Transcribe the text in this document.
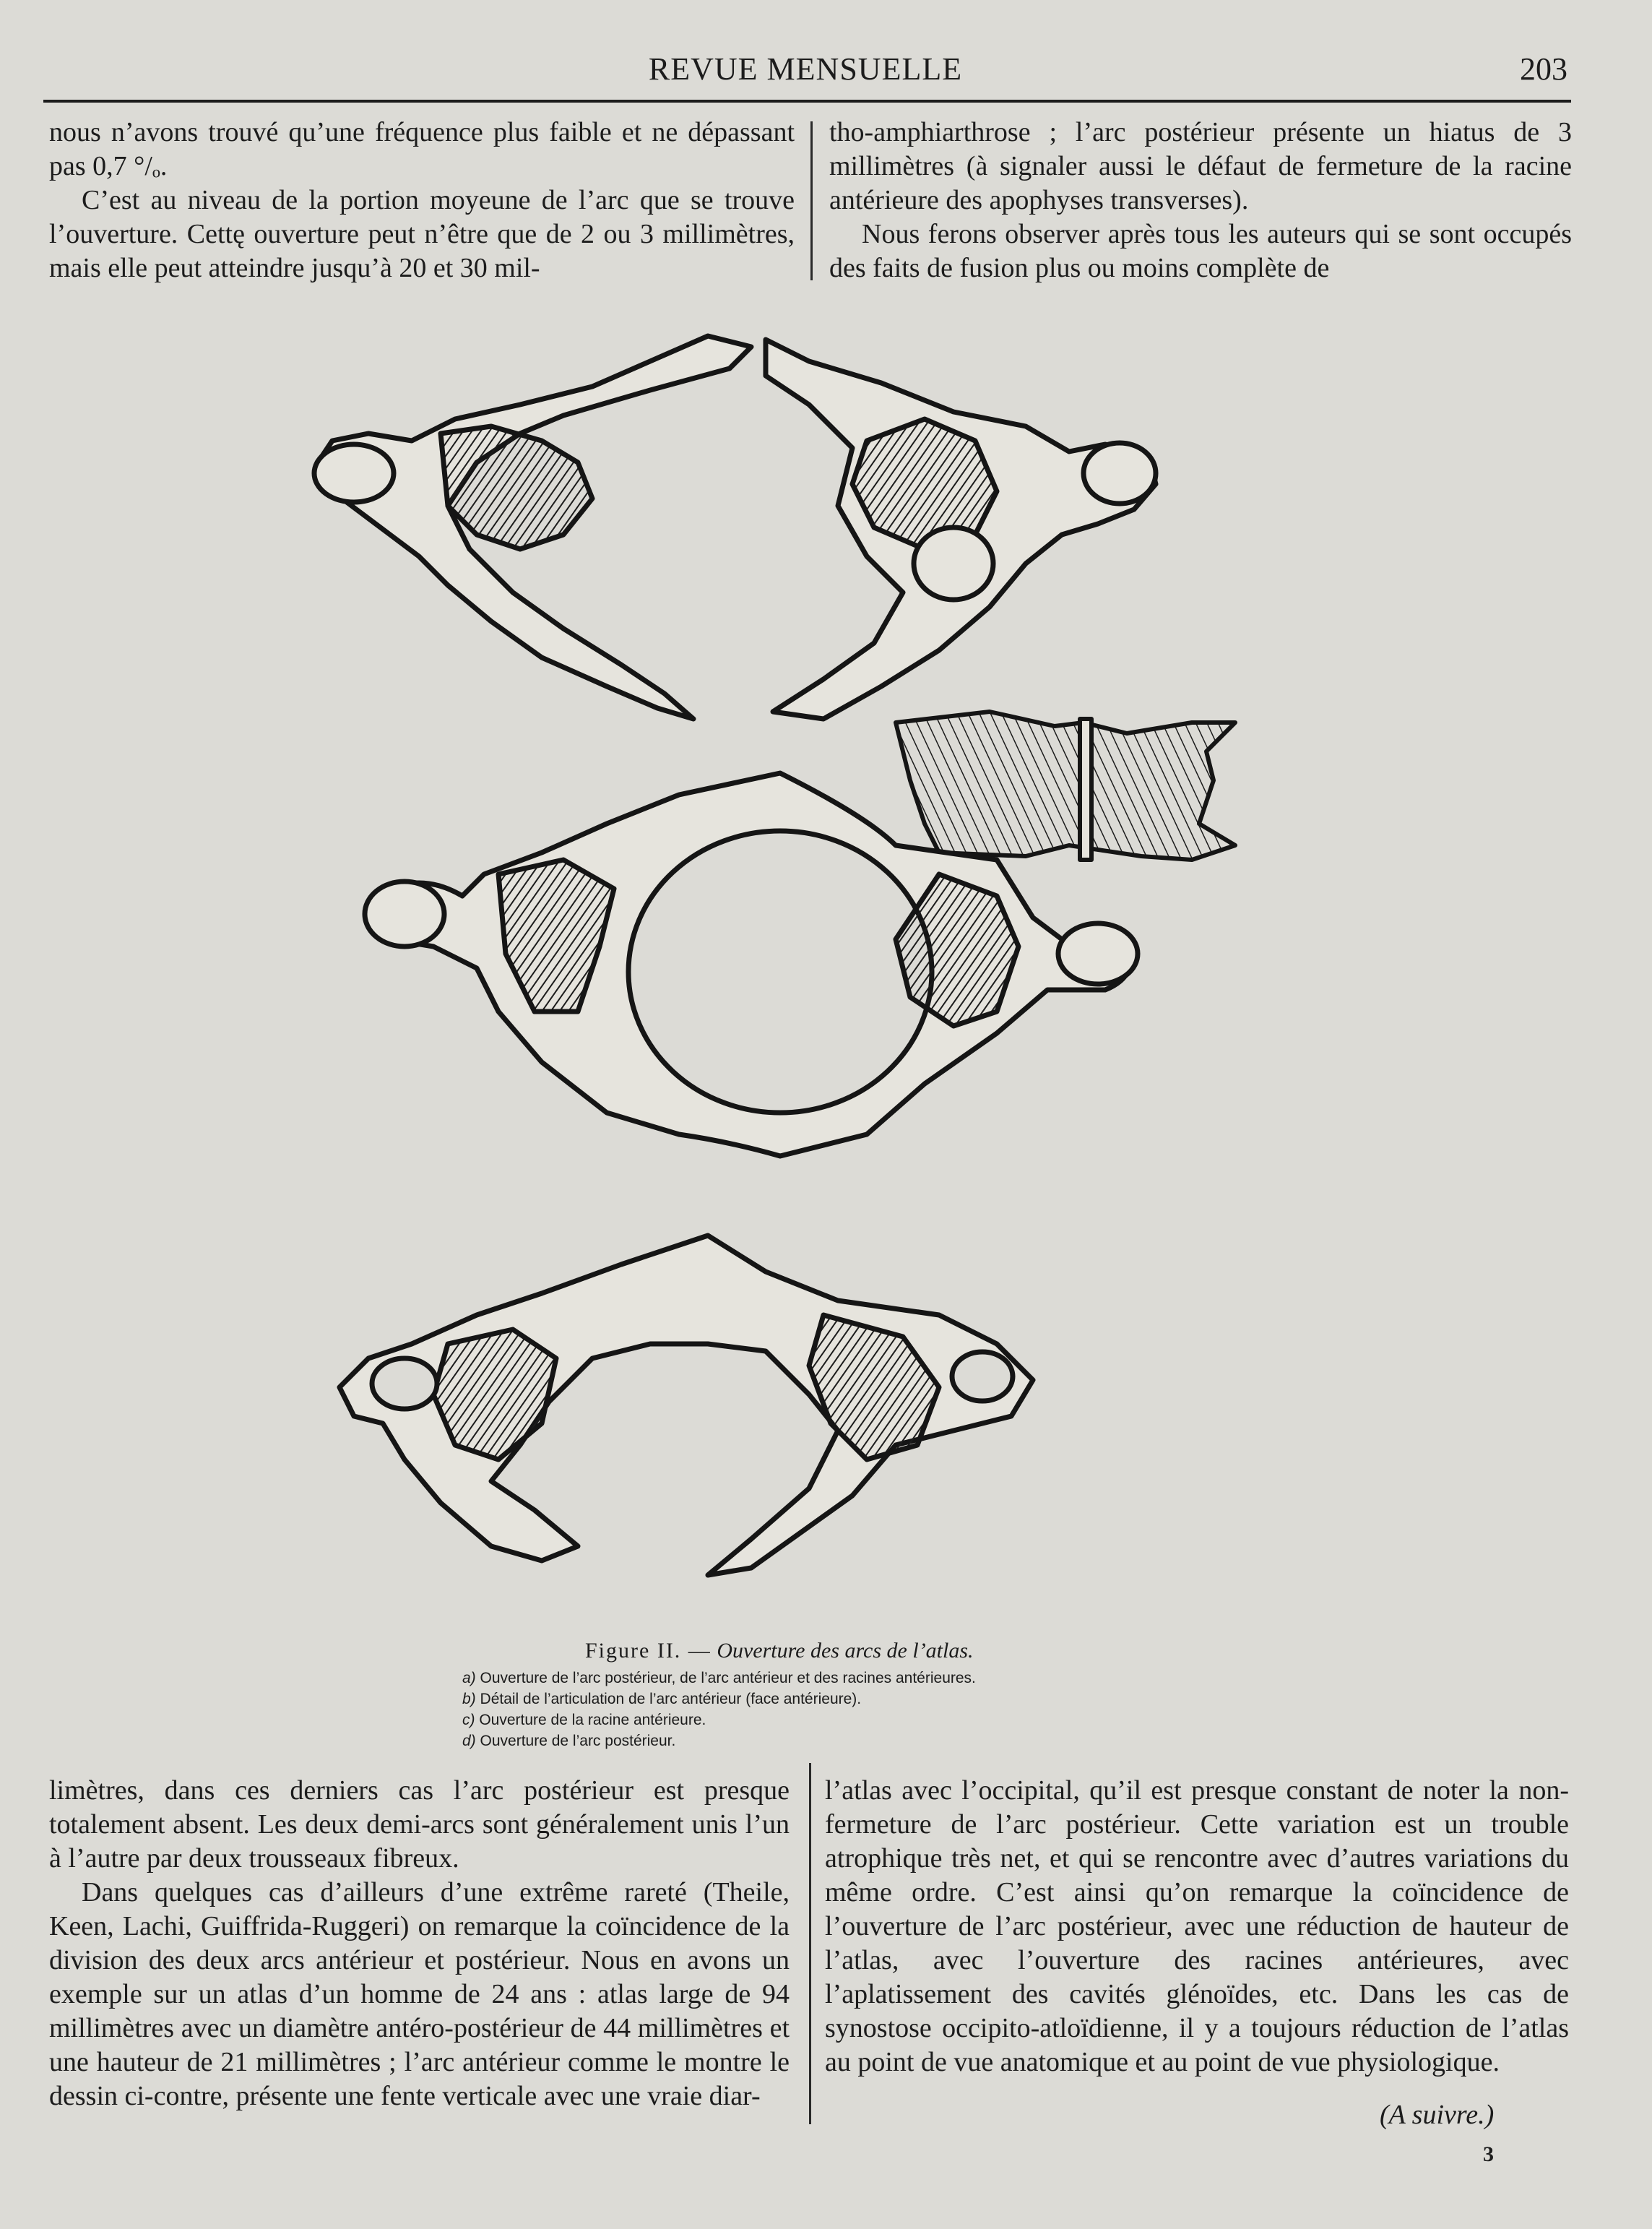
REVUE MENSUELLE	203

nous n’avons trouvé qu’une fréquence plus faible et ne dépassant pas 0,7 °/ₒ.

C’est au niveau de la portion moyeune de l’arc que se trouve l’ouverture. Cettę ouverture peut n’être que de 2 ou 3 millimètres, mais elle peut atteindre jusqu’à 20 et 30 mil-

tho-amphiarthrose ; l’arc postérieur présente un hiatus de 3 millimètres (à signaler aussi le défaut de fermeture de la racine antérieure des apophyses transverses).

Nous ferons observer après tous les auteurs qui se sont occupés des faits de fusion plus ou moins complète de

Figure II. — Ouverture des arcs de l’atlas.
a) Ouverture de l’arc postérieur, de l’arc antérieur et des racines antérieures.
b) Détail de l’articulation de l’arc antérieur (face antérieure).
c) Ouverture de la racine antérieure.
d) Ouverture de l’arc postérieur.

limètres, dans ces derniers cas l’arc postérieur est presque totalement absent. Les deux demi-arcs sont généralement unis l’un à l’autre par deux trousseaux fibreux.

Dans quelques cas d’ailleurs d’une extrême rareté (Theile, Keen, Lachi, Guiffrida-Ruggeri) on remarque la coïncidence de la division des deux arcs antérieur et postérieur. Nous en avons un exemple sur un atlas d’un homme de 24 ans : atlas large de 94 millimètres avec un diamètre antéro-postérieur de 44 millimètres et une hauteur de 21 millimètres ; l’arc antérieur comme le montre le dessin ci-contre, présente une fente verticale avec une vraie diar-

l’atlas avec l’occipital, qu’il est presque constant de noter la non-fermeture de l’arc postérieur. Cette variation est un trouble atrophique très net, et qui se rencontre avec d’autres variations du même ordre. C’est ainsi qu’on remarque la coïncidence de l’ouverture de l’arc postérieur, avec une réduction de hauteur de l’atlas, avec l’ouverture des racines antérieures, avec l’aplatissement des cavités glénoïdes, etc. Dans les cas de synostose occipito-atloïdienne, il y a toujours réduction de l’atlas au point de vue anatomique et au point de vue physiologique.

(A suivre.)
3
